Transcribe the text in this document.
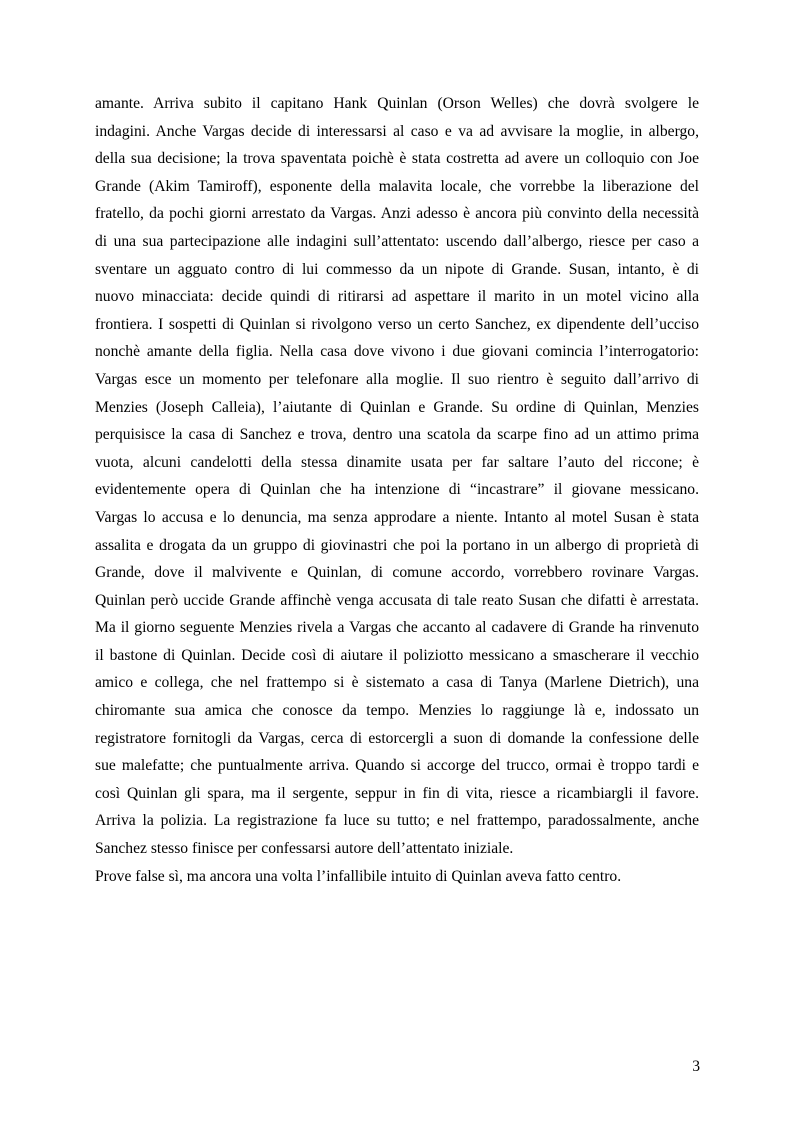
amante. Arriva subito il capitano Hank Quinlan (Orson Welles) che dovrà svolgere le
indagini. Anche Vargas decide di interessarsi al caso e va ad avvisare la moglie, in albergo,
della sua decisione; la trova spaventata poichè è stata costretta ad avere un colloquio con Joe
Grande (Akim Tamiroff), esponente della malavita locale, che vorrebbe la liberazione del
fratello, da pochi giorni arrestato da Vargas. Anzi adesso è ancora più convinto della necessità
di una sua partecipazione alle indagini sull’attentato: uscendo dall’albergo, riesce per caso a
sventare un agguato contro di lui commesso da un nipote di Grande. Susan, intanto, è di
nuovo minacciata: decide quindi di ritirarsi ad aspettare il marito in un motel vicino alla
frontiera. I sospetti di Quinlan si rivolgono verso un certo Sanchez, ex dipendente dell’ucciso
nonchè amante della figlia. Nella casa dove vivono i due giovani comincia l’interrogatorio:
Vargas esce un momento per telefonare alla moglie. Il suo rientro è seguito dall’arrivo di
Menzies (Joseph Calleia), l’aiutante di Quinlan e Grande. Su ordine di Quinlan, Menzies
perquisisce la casa di Sanchez e trova, dentro una scatola da scarpe fino ad un attimo prima
vuota, alcuni candelotti della stessa dinamite usata per far saltare l’auto del riccone; è
evidentemente opera di Quinlan che ha intenzione di “incastrare” il giovane messicano.
Vargas lo accusa e lo denuncia, ma senza approdare a niente. Intanto al motel Susan è stata
assalita e drogata da un gruppo di giovinastri che poi la portano in un albergo di proprietà di
Grande, dove il malvivente e Quinlan, di comune accordo, vorrebbero rovinare Vargas.
Quinlan però uccide Grande affinchè venga accusata di tale reato Susan che difatti è arrestata.
Ma il giorno seguente Menzies rivela a Vargas che accanto al cadavere di Grande ha rinvenuto
il bastone di Quinlan. Decide così di aiutare il poliziotto messicano a smascherare il vecchio
amico e collega, che nel frattempo si è sistemato a casa di Tanya (Marlene Dietrich), una
chiromante sua amica che conosce da tempo. Menzies lo raggiunge là e, indossato un
registratore fornitogli da Vargas, cerca di estorcergli a suon di domande la confessione delle
sue malefatte; che puntualmente arriva. Quando si accorge del trucco, ormai è troppo tardi e
così Quinlan gli spara, ma il sergente, seppur in fin di vita, riesce a ricambiargli il favore.
Arriva la polizia. La registrazione fa luce su tutto; e nel frattempo, paradossalmente, anche
Sanchez stesso finisce per confessarsi autore dell’attentato iniziale.
Prove false sì, ma ancora una volta l’infallibile intuito di Quinlan aveva fatto centro.
3
